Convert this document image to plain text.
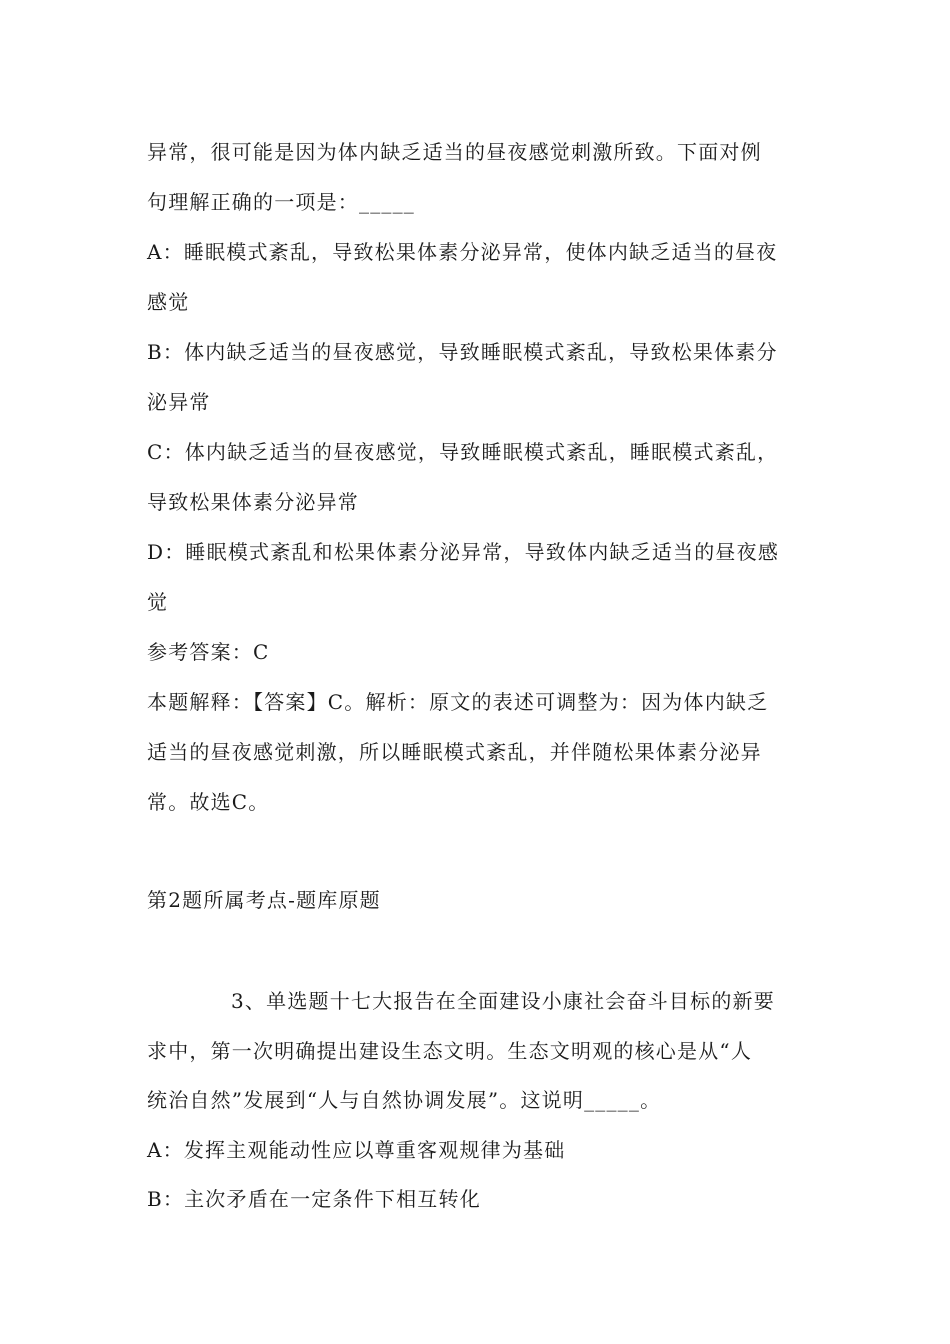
异常，很可能是因为体内缺乏适当的昼夜感觉刺激所致。下面对例
句理解正确的一项是：_____
A：睡眠模式紊乱，导致松果体素分泌异常，使体内缺乏适当的昼夜
感觉
B：体内缺乏适当的昼夜感觉，导致睡眠模式紊乱，导致松果体素分
泌异常
C：体内缺乏适当的昼夜感觉，导致睡眠模式紊乱，睡眠模式紊乱，
导致松果体素分泌异常
D：睡眠模式紊乱和松果体素分泌异常，导致体内缺乏适当的昼夜感
觉
参考答案：C
本题解释：【答案】C。解析：原文的表述可调整为：因为体内缺乏
适当的昼夜感觉刺激，所以睡眠模式紊乱，并伴随松果体素分泌异
常。故选C。
第2题所属考点-题库原题
3、单选题十七大报告在全面建设小康社会奋斗目标的新要
求中，第一次明确提出建设生态文明。生态文明观的核心是从“人
统治自然”发展到“人与自然协调发展”。这说明_____。
A：发挥主观能动性应以尊重客观规律为基础
B：主次矛盾在一定条件下相互转化
